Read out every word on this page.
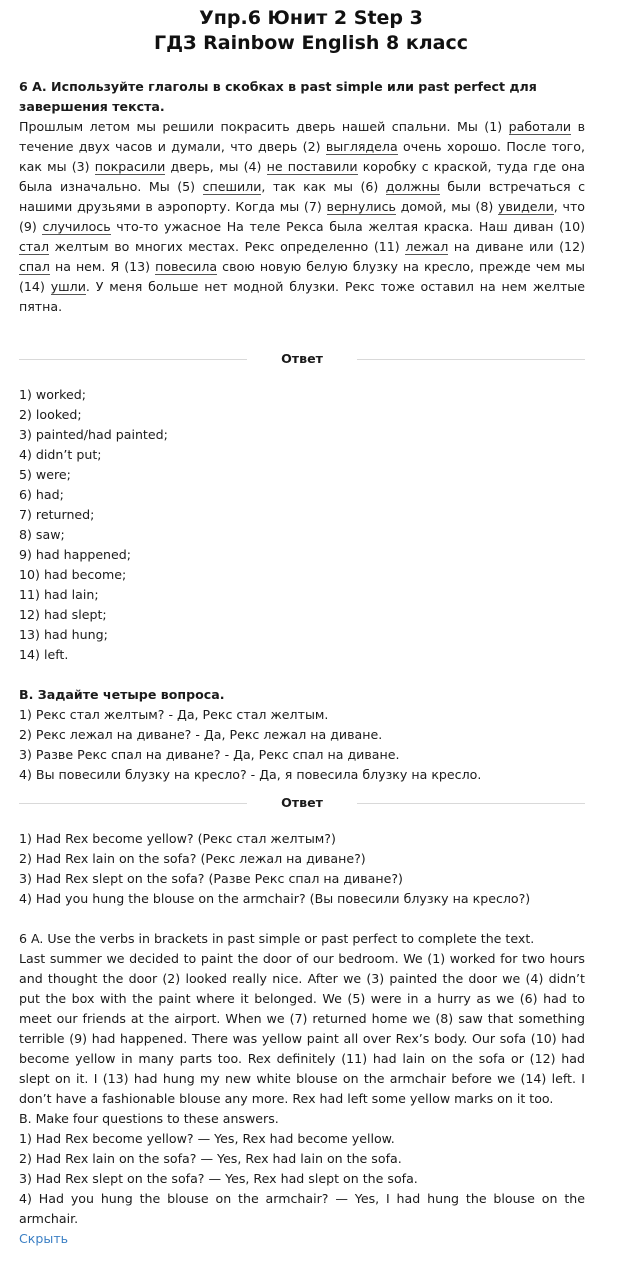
Упр.6 Юнит 2 Step 3
ГДЗ Rainbow English 8 класс

6 А. Используйте глаголы в скобках в past simple или past perfect для завершения текста.

Прошлым летом мы решили покрасить дверь нашей спальни. Мы (1) работали в течение двух часов и думали, что дверь (2) выглядела очень хорошо. После того, как мы (3) покрасили дверь, мы (4) не поставили коробку с краской, туда где она была изначально. Мы (5) спешили, так как мы (6) должны были встречаться с нашими друзьями в аэропорту. Когда мы (7) вернулись домой, мы (8) увидели, что (9) случилось что-то ужасное На теле Рекса была желтая краска. Наш диван (10) стал желтым во многих местах. Рекс определенно (11) лежал на диване или (12) спал на нем. Я (13) повесила свою новую белую блузку на кресло, прежде чем мы (14) ушли. У меня больше нет модной блузки. Рекс тоже оставил на нем желтые пятна.

Ответ
1) worked;
2) looked;
3) painted/had painted;
4) didn’t put;
5) were;
6) had;
7) returned;
8) saw;
9) had happened;
10) had become;
11) had lain;
12) had slept;
13) had hung;
14) left.

В. Задайте четыре вопроса.

1) Рекс стал желтым? - Да, Рекс стал желтым.
2) Рекс лежал на диване? - Да, Рекс лежал на диване.
3) Разве Рекс спал на диване? - Да, Рекс спал на диване.
4) Вы повесили блузку на кресло? - Да, я повесила блузку на кресло.
Ответ
1) Had Rex become yellow? (Рекс стал желтым?)
2) Had Rex lain on the sofa? (Рекс лежал на диване?)
3) Had Rex slept on the sofa? (Разве Рекс спал на диване?)
4) Had you hung the blouse on the armchair? (Вы повесили блузку на кресло?)

6 A. Use the verbs in brackets in past simple or past perfect to complete the text.

Last summer we decided to paint the door of our bedroom. We (1) worked for two hours and thought the door (2) looked really nice. After we (3) painted the door we (4) didn’t put the box with the paint where it belonged. We (5) were in a hurry as we (6) had to meet our friends at the airport. When we (7) returned home we (8) saw that something terrible (9) had happened. There was yellow paint all over Rex’s body. Our sofa (10) had become yellow in many parts too. Rex definitely (11) had lain on the sofa or (12) had slept on it. I (13) had hung my new white blouse on the armchair before we (14) left. I don’t have a fashionable blouse any more. Rex had left some yellow marks on it too.

B. Make four questions to these answers.

1) Had Rex become yellow? — Yes, Rex had become yellow.
2) Had Rex lain on the sofa? — Yes, Rex had lain on the sofa.
3) Had Rex slept on the sofa? — Yes, Rex had slept on the sofa.
4) Had you hung the blouse on the armchair? — Yes, I had hung the blouse on the armchair.
Скрыть
